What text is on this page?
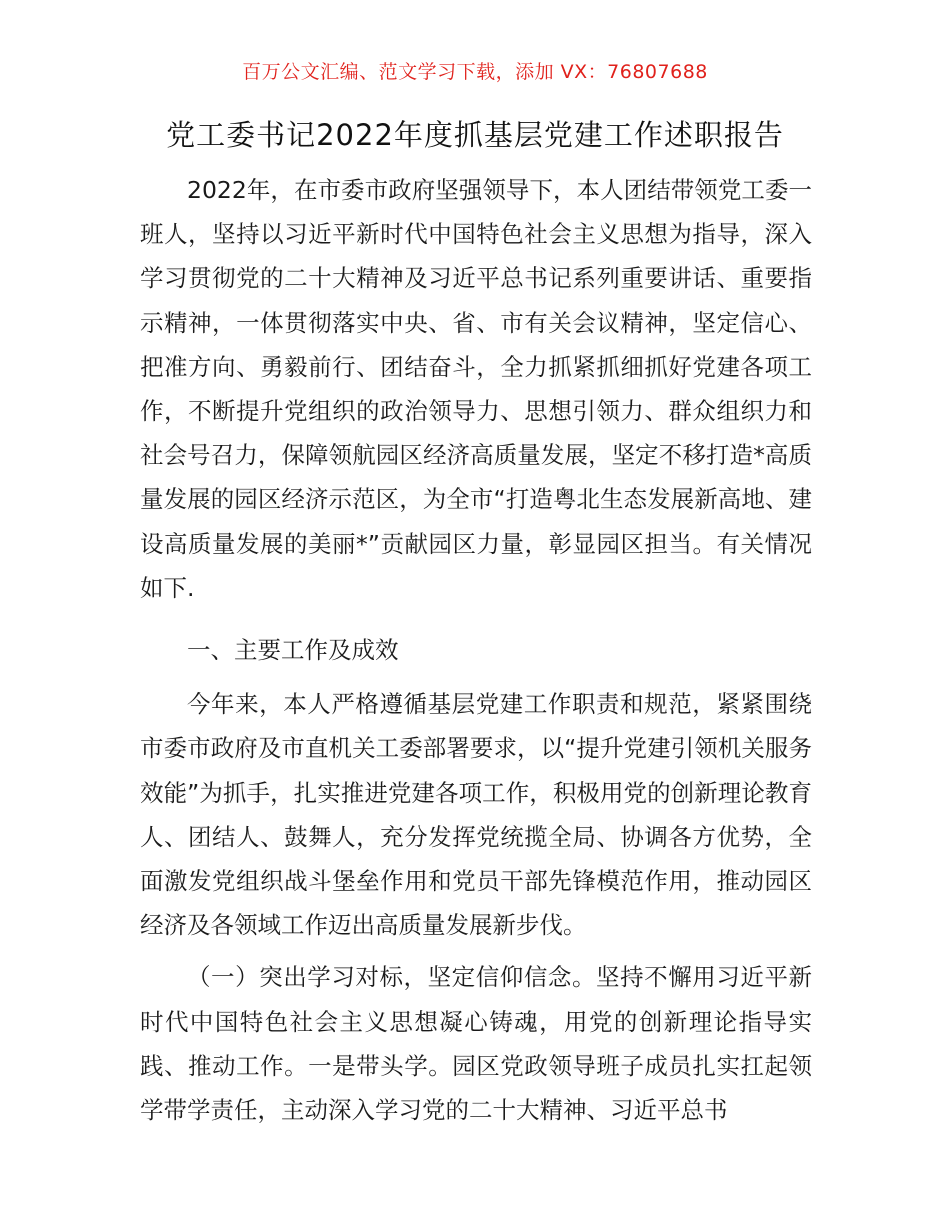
百万公文汇编、范文学习下载，添加 VX：76807688
党工委书记2022年度抓基层党建工作述职报告

2022年，在市委市政府坚强领导下，本人团结带领党工委一班人，坚持以习近平新时代中国特色社会主义思想为指导，深入学习贯彻党的二十大精神及习近平总书记系列重要讲话、重要指示精神，一体贯彻落实中央、省、市有关会议精神，坚定信心、把准方向、勇毅前行、团结奋斗，全力抓紧抓细抓好党建各项工作，不断提升党组织的政治领导力、思想引领力、群众组织力和社会号召力，保障领航园区经济高质量发展，坚定不移打造*高质量发展的园区经济示范区，为全市“打造粤北生态发展新高地、建设高质量发展的美丽*”贡献园区力量，彰显园区担当。有关情况如下.

一、主要工作及成效

今年来，本人严格遵循基层党建工作职责和规范，紧紧围绕市委市政府及市直机关工委部署要求，以“提升党建引领机关服务效能”为抓手，扎实推进党建各项工作，积极用党的创新理论教育人、团结人、鼓舞人，充分发挥党统揽全局、协调各方优势，全面激发党组织战斗堡垒作用和党员干部先锋模范作用，推动园区经济及各领域工作迈出高质量发展新步伐。

（一）突出学习对标，坚定信仰信念。坚持不懈用习近平新时代中国特色社会主义思想凝心铸魂，用党的创新理论指导实践、推动工作。一是带头学。园区党政领导班子成员扎实扛起领学带学责任，主动深入学习党的二十大精神、习近平总书
